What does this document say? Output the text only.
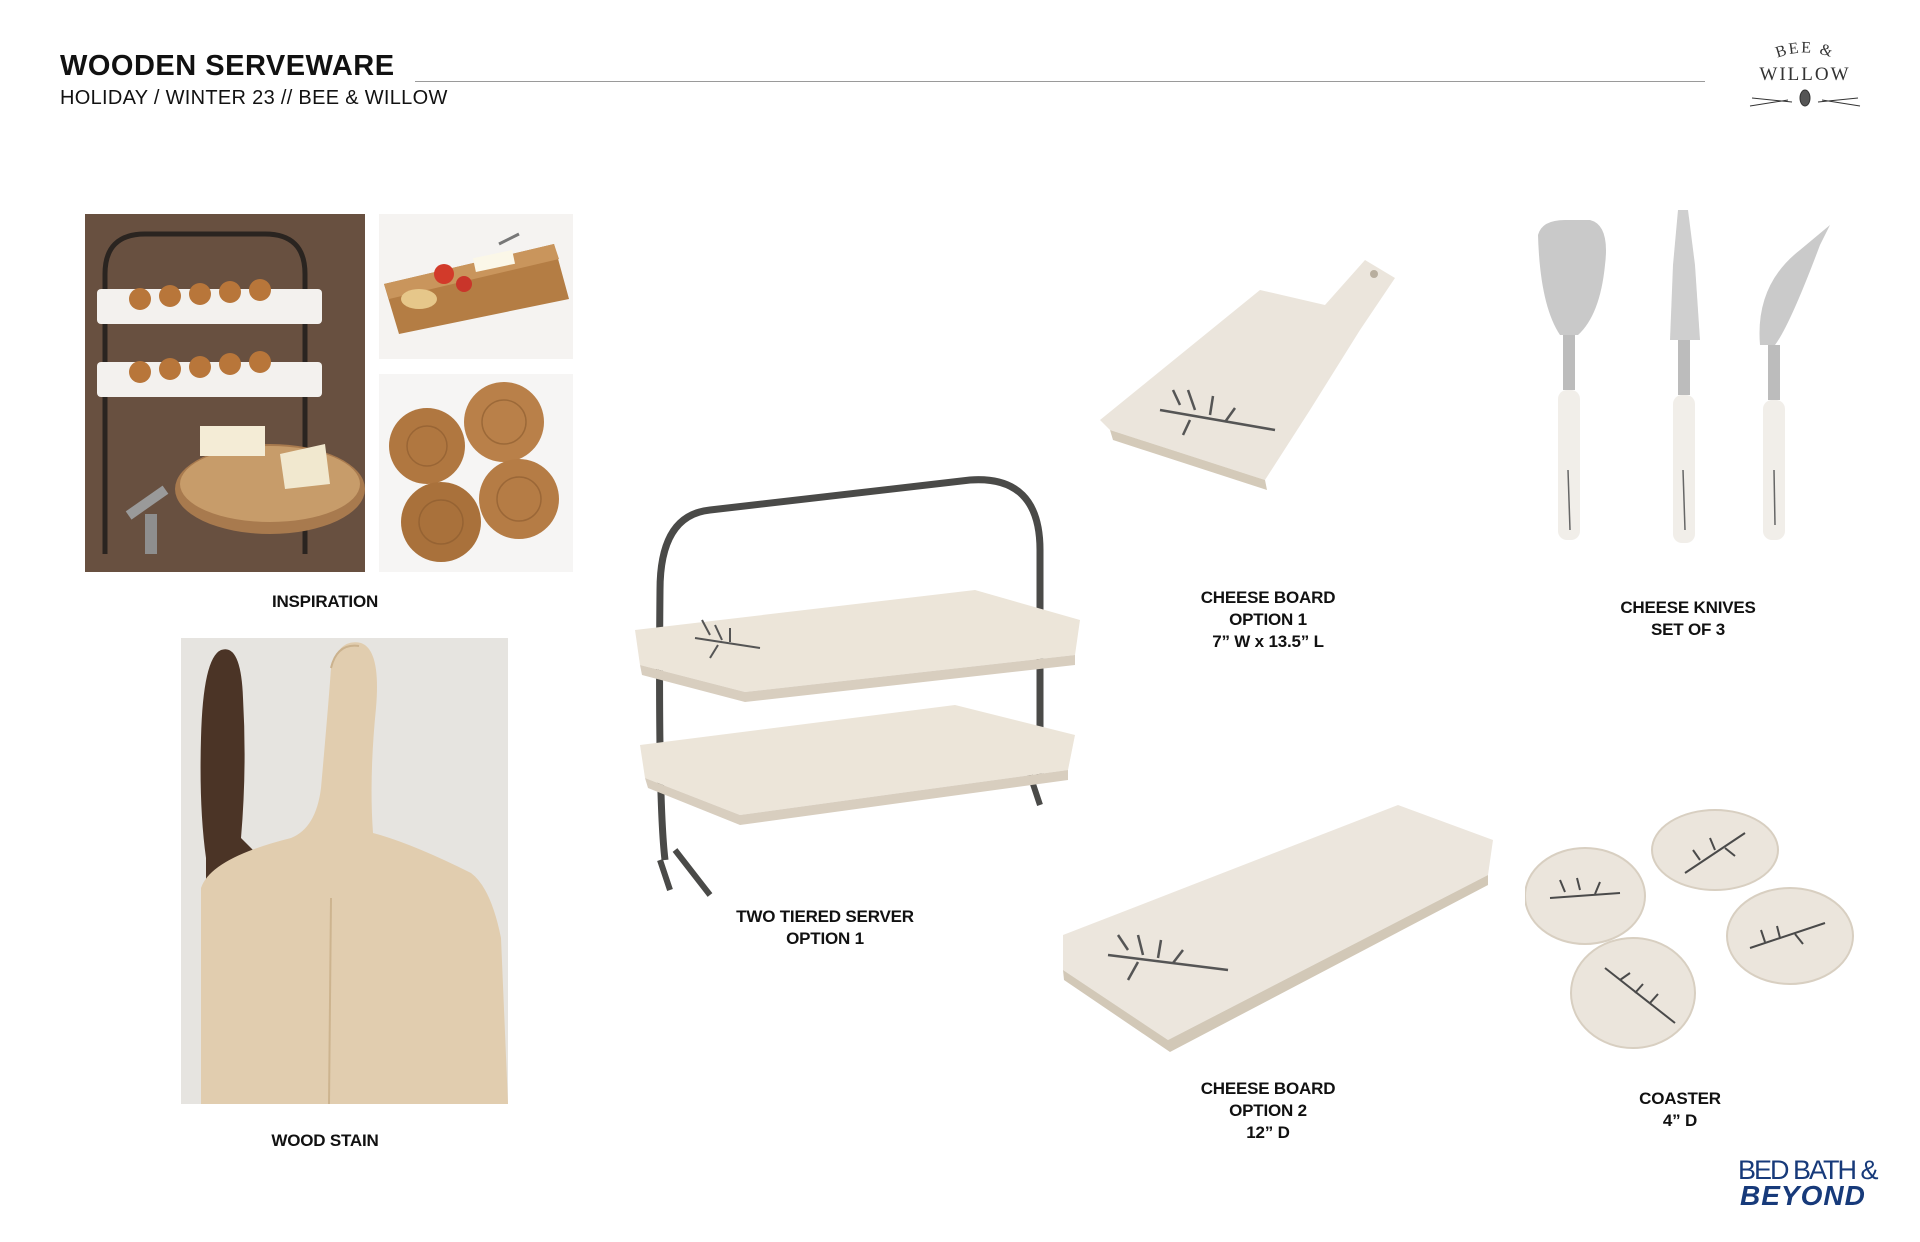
WOODEN SERVEWARE
HOLIDAY / WINTER 23 // BEE & WILLOW
BEE &
WILLOW
INSPIRATION
WOOD STAIN
TWO TIERED SERVER
OPTION 1
CHEESE BOARD
OPTION 1
7” W x 13.5” L
CHEESE KNIVES
SET OF 3
CHEESE BOARD
OPTION 2
12” D
COASTER
4” D
BED BATH &
BEYOND
